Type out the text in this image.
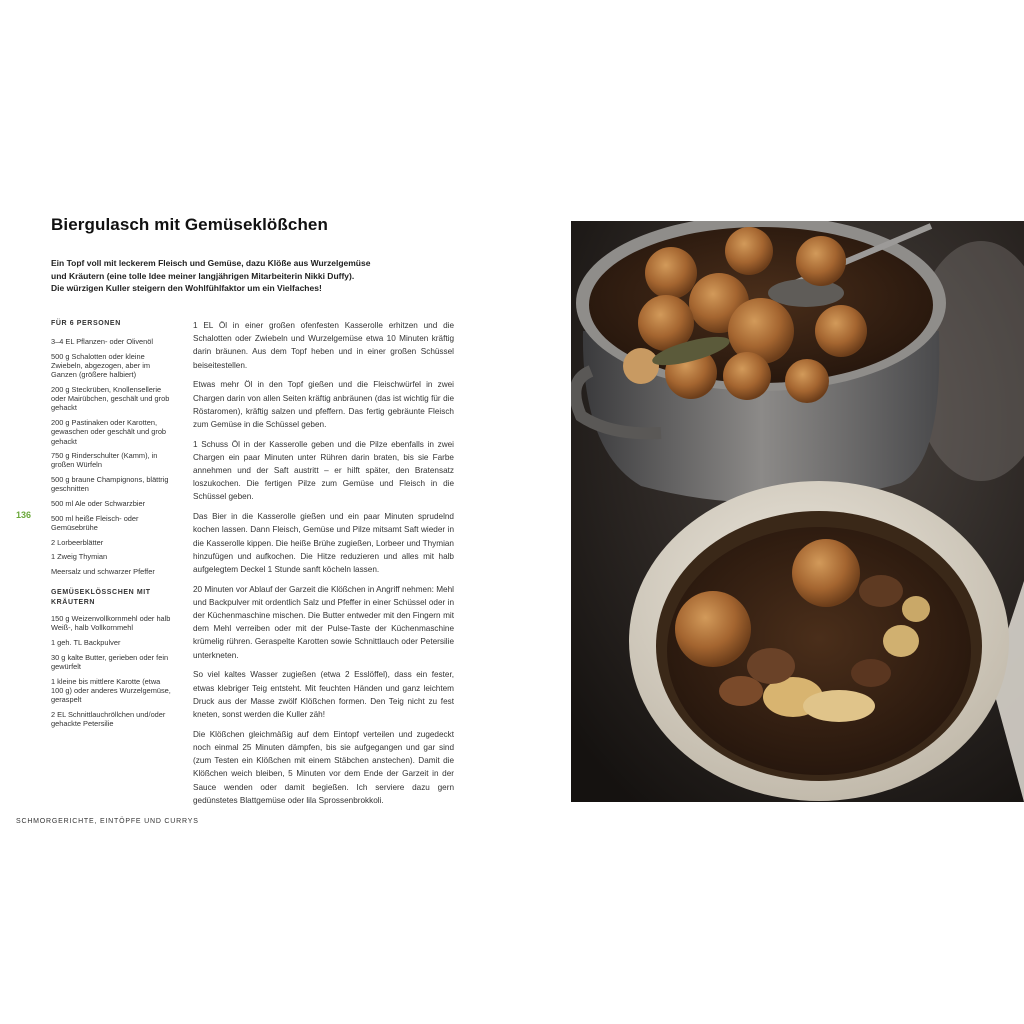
Biergulasch mit Gemüseklößchen
Ein Topf voll mit leckerem Fleisch und Gemüse, dazu Klöße aus Wurzelgemüse
und Kräutern (eine tolle Idee meiner langjährigen Mitarbeiterin Nikki Duffy).
Die würzigen Kuller steigern den Wohlfühlfaktor um ein Vielfaches!
FÜR 6 PERSONEN
3–4 EL Pflanzen- oder Olivenöl
500 g Schalotten oder kleine Zwiebeln, abgezogen, aber im Ganzen (größere halbiert)
200 g Steckrüben, Knollensellerie oder Mairübchen, geschält und grob gehackt
200 g Pastinaken oder Karotten, gewaschen oder geschält und grob gehackt
750 g Rinderschulter (Kamm), in großen Würfeln
500 g braune Champignons, blättrig geschnitten
500 ml Ale oder Schwarzbier
500 ml heiße Fleisch- oder Gemüsebrühe
2 Lorbeerblätter
1 Zweig Thymian
Meersalz und schwarzer Pfeffer
GEMÜSEKLÖSSCHEN MIT KRÄUTERN
150 g Weizenvollkornmehl oder halb Weiß-, halb Vollkornmehl
1 geh. TL Backpulver
30 g kalte Butter, gerieben oder fein gewürfelt
1 kleine bis mittlere Karotte (etwa 100 g) oder anderes Wurzelgemüse, geraspelt
2 EL Schnittlauchröllchen und/oder gehackte Petersilie

1 EL Öl in einer großen ofenfesten Kasserolle erhitzen und die Schalotten oder Zwiebeln und Wurzelgemüse etwa 10 Minuten kräftig darin bräunen. Aus dem Topf heben und in einer großen Schüssel beiseitestellen.

Etwas mehr Öl in den Topf gießen und die Fleischwürfel in zwei Chargen darin von allen Seiten kräftig anbräunen (das ist wichtig für die Röstaromen), kräftig salzen und pfeffern. Das fertig gebräunte Fleisch zum Gemüse in die Schüssel geben.

1 Schuss Öl in der Kasserolle geben und die Pilze ebenfalls in zwei Chargen ein paar Minuten unter Rühren darin braten, bis sie Farbe annehmen und der Saft austritt – er hilft später, den Bratensatz loszukochen. Die fertigen Pilze zum Gemüse und Fleisch in die Schüssel geben.

Das Bier in die Kasserolle gießen und ein paar Minuten sprudelnd kochen lassen. Dann Fleisch, Gemüse und Pilze mitsamt Saft wieder in die Kasserolle kippen. Die heiße Brühe zugießen, Lorbeer und Thymian hinzufügen und aufkochen. Die Hitze reduzieren und alles mit halb aufgelegtem Deckel 1 Stunde sanft köcheln lassen.

20 Minuten vor Ablauf der Garzeit die Klößchen in Angriff nehmen: Mehl und Backpulver mit ordentlich Salz und Pfeffer in einer Schüssel oder in der Küchenmaschine mischen. Die Butter entweder mit den Fingern mit dem Mehl verreiben oder mit der Pulse-Taste der Küchenmaschine krümelig rühren. Geraspelte Karotten sowie Schnittlauch oder Petersilie unterkneten.

So viel kaltes Wasser zugießen (etwa 2 Esslöffel), dass ein fester, etwas klebriger Teig entsteht. Mit feuchten Händen und ganz leichtem Druck aus der Masse zwölf Klößchen formen. Den Teig nicht zu fest kneten, sonst werden die Kuller zäh!

Die Klößchen gleichmäßig auf dem Eintopf verteilen und zugedeckt noch einmal 25 Minuten dämpfen, bis sie aufgegangen und gar sind (zum Testen ein Klößchen mit einem Stäbchen anstechen). Damit die Klößchen weich bleiben, 5 Minuten vor dem Ende der Garzeit in der Sauce wenden oder damit begießen. Ich serviere dazu gern gedünstetes Blattgemüse oder lila Sprossenbrokkoli.

136
SCHMORGERICHTE, EINTÖPFE UND CURRYS
